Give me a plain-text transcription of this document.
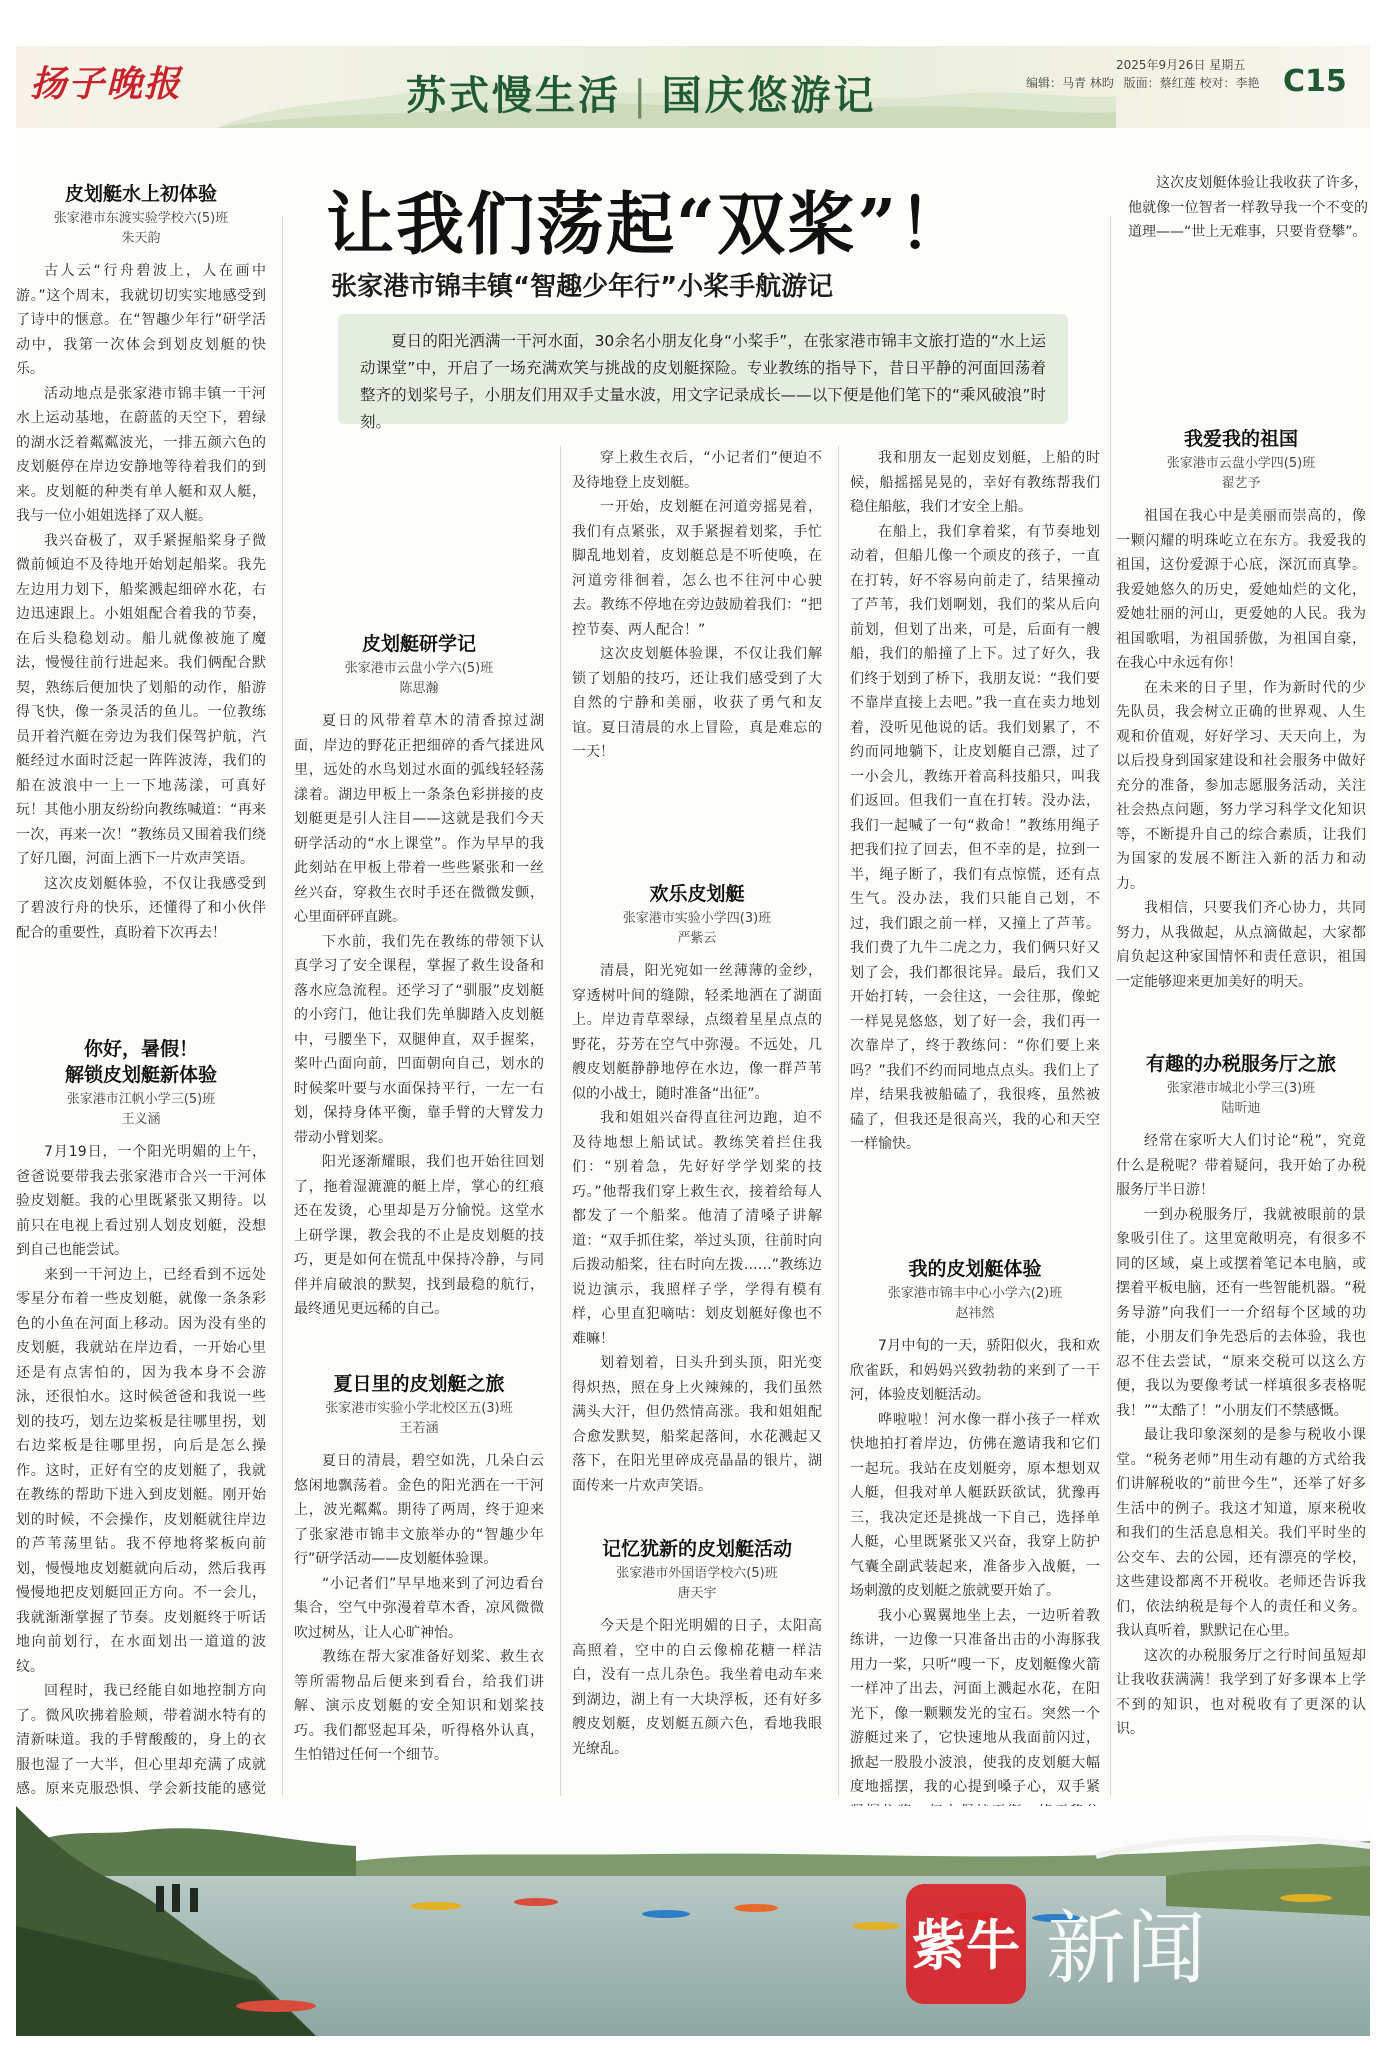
扬子晚报	苏式慢生活 | 国庆悠游记
2025年9月26日 星期五
编辑：马青 林昀 版面：蔡红莲 校对：李艳 C15
让我们荡起“双桨”！
张家港市锦丰镇“智趣少年行”小桨手航游记
夏日的阳光洒满一干河水面，30余名小朋友化身“小桨手”，在张家港市锦丰文旅打造的“水上运动课堂”中，开启了一场充满欢笑与挑战的皮划艇探险。专业教练的指导下，昔日平静的河面回荡着整齐的划桨号子，小朋友们用双手丈量水波，用文字记录成长——以下便是他们笔下的“乘风破浪”时刻。
皮划艇水上初体验
张家港市东渡实验学校六(5)班
朱天韵

古人云“行舟碧波上，人在画中游。”这个周末，我就切切实实地感受到了诗中的惬意。在“智趣少年行”研学活动中，我第一次体会到划皮划艇的快乐。

活动地点是张家港市锦丰镇一干河水上运动基地，在蔚蓝的天空下，碧绿的湖水泛着粼粼波光，一排五颜六色的皮划艇停在岸边安静地等待着我们的到来。皮划艇的种类有单人艇和双人艇，我与一位小姐姐选择了双人艇。

我兴奋极了，双手紧握船桨身子微微前倾迫不及待地开始划起船桨。我先左边用力划下，船桨溅起细碎水花，右边迅速跟上。小姐姐配合着我的节奏，在后头稳稳划动。船儿就像被施了魔法，慢慢往前行进起来。我们俩配合默契，熟练后便加快了划船的动作，船游得飞快，像一条灵活的鱼儿。一位教练员开着汽艇在旁边为我们保驾护航，汽艇经过水面时泛起一阵阵波涛，我们的船在波浪中一上一下地荡漾，可真好玩！其他小朋友纷纷向教练喊道：“再来一次，再来一次！”教练员又围着我们绕了好几圈，河面上洒下一片欢声笑语。

这次皮划艇体验，不仅让我感受到了碧波行舟的快乐，还懂得了和小伙伴配合的重要性，真盼着下次再去！

你好，暑假！
解锁皮划艇新体验
张家港市江帆小学三(5)班
王义涵

7月19日，一个阳光明媚的上午，爸爸说要带我去张家港市合兴一干河体验皮划艇。我的心里既紧张又期待。以前只在电视上看过别人划皮划艇，没想到自己也能尝试。

来到一干河边上，已经看到不远处零星分布着一些皮划艇，就像一条条彩色的小鱼在河面上移动。因为没有坐的皮划艇，我就站在岸边看，一开始心里还是有点害怕的，因为我本身不会游泳，还很怕水。这时候爸爸和我说一些划的技巧，划左边桨板是往哪里拐，划右边桨板是往哪里拐，向后是怎么操作。这时，正好有空的皮划艇了，我就在教练的帮助下进入到皮划艇。刚开始划的时候，不会操作，皮划艇就往岸边的芦苇荡里钻。我不停地将桨板向前划，慢慢地皮划艇就向后动，然后我再慢慢地把皮划艇回正方向。不一会儿，我就渐渐掌握了节奏。皮划艇终于听话地向前划行，在水面划出一道道的波纹。

回程时，我已经能自如地控制方向了。微风吹拂着脸颊，带着湖水特有的清新味道。我的手臂酸酸的，身上的衣服也湿了一大半，但心里却充满了成就感。原来克服恐惧、学会新技能的感觉

皮划艇研学记
张家港市云盘小学六(5)班
陈思瀚

夏日的风带着草木的清香掠过湖面，岸边的野花正把细碎的香气揉进风里，远处的水鸟划过水面的弧线轻轻荡漾着。湖边甲板上一条条色彩拼接的皮划艇更是引人注目——这就是我们今天研学活动的“水上课堂”。作为早早的我此刻站在甲板上带着一些些紧张和一丝丝兴奋，穿救生衣时手还在微微发颤，心里面砰砰直跳。

下水前，我们先在教练的带领下认真学习了安全课程，掌握了救生设备和落水应急流程。还学习了“驯服”皮划艇的小窍门，他让我们先单脚踏入皮划艇中，弓腰坐下，双腿伸直，双手握桨，桨叶凸面向前，凹面朝向自己，划水的时候桨叶要与水面保持平行，一左一右划，保持身体平衡，靠手臂的大臂发力带动小臂划桨。

阳光逐渐耀眼，我们也开始往回划了，拖着湿漉漉的艇上岸，掌心的红痕还在发烫，心里却是万分愉悦。这堂水上研学课，教会我的不止是皮划艇的技巧，更是如何在慌乱中保持冷静，与同伴并肩破浪的默契，找到最稳的航行，最终通见更远稀的自己。

夏日里的皮划艇之旅
张家港市实验小学北校区五(3)班
王若涵

夏日的清晨，碧空如洗，几朵白云悠闲地飘荡着。金色的阳光洒在一干河上，波光粼粼。期待了两周，终于迎来了张家港市锦丰文旅举办的“智趣少年行”研学活动——皮划艇体验课。

“小记者们”早早地来到了河边看台集合，空气中弥漫着草木香，凉风微微吹过树丛，让人心旷神怡。

教练在帮大家准备好划桨、救生衣等所需物品后便来到看台，给我们讲解、演示皮划艇的安全知识和划桨技巧。我们都竖起耳朵，听得格外认真，生怕错过任何一个细节。

穿上救生衣后，“小记者们”便迫不及待地登上皮划艇。

一开始，皮划艇在河道旁摇晃着，我们有点紧张，双手紧握着划桨，手忙脚乱地划着，皮划艇总是不听使唤，在河道旁徘徊着，怎么也不往河中心驶去。教练不停地在旁边鼓励着我们：“把控节奏、两人配合！”

这次皮划艇体验课，不仅让我们解锁了划船的技巧，还让我们感受到了大自然的宁静和美丽，收获了勇气和友谊。夏日清晨的水上冒险，真是难忘的一天！

欢乐皮划艇
张家港市实验小学四(3)班
严紫云

清晨，阳光宛如一丝薄薄的金纱，穿透树叶间的缝隙，轻柔地洒在了湖面上。岸边青草翠绿，点缀着星星点点的野花，芬芳在空气中弥漫。不远处，几艘皮划艇静静地停在水边，像一群芦苇似的小战士，随时准备“出征”。

我和姐姐兴奋得直往河边跑，迫不及待地想上船试试。教练笑着拦住我们：“别着急，先好好学学划桨的技巧。”他帮我们穿上救生衣，接着给每人都发了一个船桨。他清了清嗓子讲解道：“双手抓住桨，举过头顶，往前时向后拨动船桨，往右时向左拨……”教练边说边演示，我照样子学，学得有模有样，心里直犯嘀咕：划皮划艇好像也不难嘛！

划着划着，日头升到头顶，阳光变得炽热，照在身上火辣辣的，我们虽然满头大汗，但仍然情高涨。我和姐姐配合愈发默契，船桨起落间，水花溅起又落下，在阳光里碎成亮晶晶的银片，湖面传来一片欢声笑语。

记忆犹新的皮划艇活动
张家港市外国语学校六(5)班
唐天宇

今天是个阳光明媚的日子，太阳高高照着，空中的白云像棉花糖一样洁白，没有一点儿杂色。我坐着电动车来到湖边，湖上有一大块浮板，还有好多艘皮划艇，皮划艇五颜六色，看地我眼光缭乱。

我和朋友一起划皮划艇，上船的时候，船摇摇晃晃的，幸好有教练帮我们稳住船舷，我们才安全上船。

在船上，我们拿着桨，有节奏地划动着，但船儿像一个顽皮的孩子，一直在打转，好不容易向前走了，结果撞动了芦苇，我们划啊划，我们的桨从后向前划，但划了出来，可是，后面有一艘船，我们的船撞了上下。过了好久，我们终于划到了桥下，我朋友说：“我们要不靠岸直接上去吧。”我一直在卖力地划着，没听见他说的话。我们划累了，不约而同地躺下，让皮划艇自己漂，过了一小会儿，教练开着高科技船只，叫我们返回。但我们一直在打转。没办法，我们一起喊了一句“救命！”教练用绳子把我们拉了回去，但不幸的是，拉到一半，绳子断了，我们有点惊慌，还有点生气。没办法，我们只能自己划，不过，我们跟之前一样，又撞上了芦苇。我们费了九牛二虎之力，我们俩只好又划了会，我们都很诧异。最后，我们又开始打转，一会往这，一会往那，像蛇一样晃晃悠悠，划了好一会，我们再一次靠岸了，终于教练问：“你们要上来吗？”我们不约而同地点点头。我们上了岸，结果我被船磕了，我很疼，虽然被磕了，但我还是很高兴，我的心和天空一样愉快。

我的皮划艇体验
张家港市锦丰中心小学六(2)班
赵祎然

7月中旬的一天，骄阳似火，我和欢欣雀跃，和妈妈兴致勃勃的来到了一干河，体验皮划艇活动。

哗啦啦！河水像一群小孩子一样欢快地拍打着岸边，仿佛在邀请我和它们一起玩。我站在皮划艇旁，原本想划双人艇，但我对单人艇跃跃欲试，犹豫再三，我决定还是挑战一下自己，选择单人艇，心里既紧张又兴奋，我穿上防护气囊全副武装起来，准备步入战艇，一场刺激的皮划艇之旅就要开始了。

我小心翼翼地坐上去，一边听着教练讲，一边像一只准备出击的小海豚我用力一桨，只听“嗖一下，皮划艇像火箭一样冲了出去，河面上溅起水花，在阳光下，像一颗颗发光的宝石。突然一个游艇过来了，它快速地从我面前闪过，掀起一股股小波浪，使我的皮划艇大幅度地摇摆，我的心提到嗓子心，双手紧

这次皮划艇体验让我收获了许多，他就像一位智者一样教导我一个不变的道理——“世上无难事，只要肯登攀”。

我爱我的祖国
张家港市云盘小学四(5)班
翟艺予

祖国在我心中是美丽而崇高的，像一颗闪耀的明珠屹立在东方。我爱我的祖国，这份爱源于心底，深沉而真挚。我爱她悠久的历史，爱她灿烂的文化，爱她壮丽的河山，更爱她的人民。我为祖国歌唱，为祖国骄傲，为祖国自豪，在我心中永远有你！

在未来的日子里，作为新时代的少先队员，我会树立正确的世界观、人生观和价值观，好好学习、天天向上，为以后投身到国家建设和社会服务中做好充分的准备，参加志愿服务活动，关注社会热点问题，努力学习科学文化知识等，不断提升自己的综合素质，让我们为国家的发展不断注入新的活力和动力。

我相信，只要我们齐心协力，共同努力，从我做起，从点滴做起，大家都肩负起这种家国情怀和责任意识，祖国一定能够迎来更加美好的明天。

有趣的办税服务厅之旅
张家港市城北小学三(3)班
陆昕迪

经常在家听大人们讨论“税”，究竟什么是税呢？带着疑问，我开始了办税服务厅半日游！

一到办税服务厅，我就被眼前的景象吸引住了。这里宽敞明亮，有很多不同的区域，桌上或摆着笔记本电脑，或摆着平板电脑，还有一些智能机器。“税务导游”向我们一一介绍每个区域的功能，小朋友们争先恐后的去体验，我也忍不住去尝试，“原来交税可以这么方便，我以为要像考试一样填很多表格呢我！”“太酷了！”小朋友们不禁感慨。

最让我印象深刻的是参与税收小课堂。“税务老师”用生动有趣的方式给我们讲解税收的“前世今生”，还举了好多生活中的例子。我这才知道，原来税收和我们的生活息息相关。我们平时坐的公交车、去的公园，还有漂亮的学校，这些建设都离不开税收。老师还告诉我们，依法纳税是每个人的责任和义务。我认真听着，默默记在心里。

这次的办税服务厅之行时间虽短却让我收获满满！我学到了好多课本上学不到的知识，也对税收有了更深的认识。

紫牛 新闻
